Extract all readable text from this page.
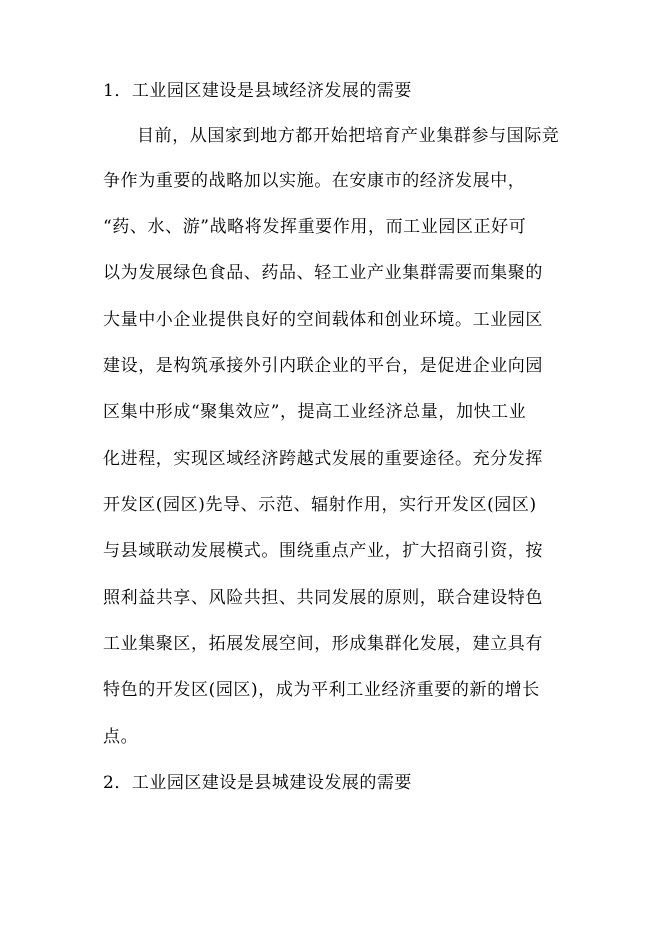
1．工业园区建设是县域经济发展的需要
目前，从国家到地方都开始把培育产业集群参与国际竞
争作为重要的战略加以实施。在安康市的经济发展中，
“药、水、游”战略将发挥重要作用，而工业园区正好可
以为发展绿色食品、药品、轻工业产业集群需要而集聚的
大量中小企业提供良好的空间载体和创业环境。工业园区
建设，是构筑承接外引内联企业的平台，是促进企业向园
区集中形成“聚集效应”，提高工业经济总量，加快工业
化进程，实现区域经济跨越式发展的重要途径。充分发挥
开发区(园区)先导、示范、辐射作用，实行开发区(园区)
与县域联动发展模式。围绕重点产业，扩大招商引资，按
照利益共享、风险共担、共同发展的原则，联合建设特色
工业集聚区，拓展发展空间，形成集群化发展，建立具有
特色的开发区(园区)，成为平利工业经济重要的新的增长
点。
2．工业园区建设是县城建设发展的需要
